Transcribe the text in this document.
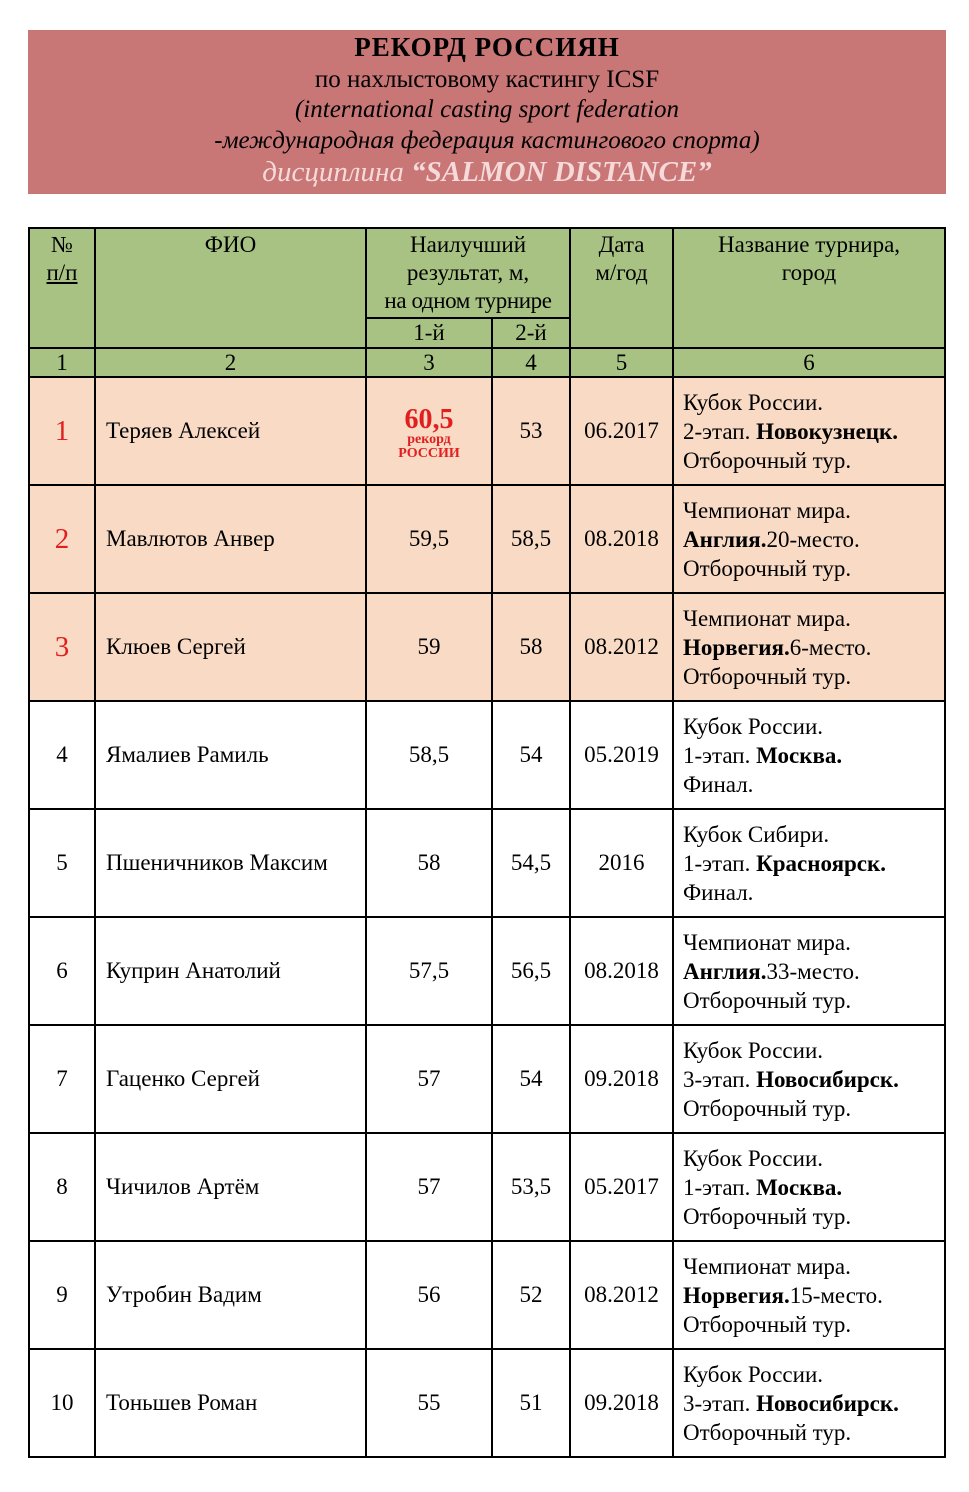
РЕКОРД РОССИЯН
по нахлыстовому кастингу ICSF
(international casting sport federation
-международная федерация кастингового спорта)
дисциплина “SALMON DISTANCE”
№
п/п	ФИО	Наилучший
результат, м,
на одном турнире		Дата
м/год	Название турнира,
город
		1-й	2-й		
1	2	3	4	5	6
1	Теряев Алексей	60,5
рекорд
РОССИИ	53	06.2017	Кубок России.
2-этап. Новокузнецк.
Отборочный тур.
2	Мавлютов Анвер	59,5	58,5	08.2018	Чемпионат мира.
Англия.20-место.
Отборочный тур.
3	Клюев Сергей	59	58	08.2012	Чемпионат мира.
Норвегия.6-место.
Отборочный тур.
4	Ямалиев Рамиль	58,5	54	05.2019	Кубок России.
1-этап. Москва.
Финал.
5	Пшеничников Максим	58	54,5	2016	Кубок Сибири.
1-этап. Красноярск.
Финал.
6	Куприн Анатолий	57,5	56,5	08.2018	Чемпионат мира.
Англия.33-место.
Отборочный тур.
7	Гаценко Сергей	57	54	09.2018	Кубок России.
3-этап. Новосибирск.
Отборочный тур.
8	Чичилов Артём	57	53,5	05.2017	Кубок России.
1-этап. Москва.
Отборочный тур.
9	Утробин Вадим	56	52	08.2012	Чемпионат мира.
Норвегия.15-место.
Отборочный тур.
10	Тоньшев Роман	55	51	09.2018	Кубок России.
3-этап. Новосибирск.
Отборочный тур.
